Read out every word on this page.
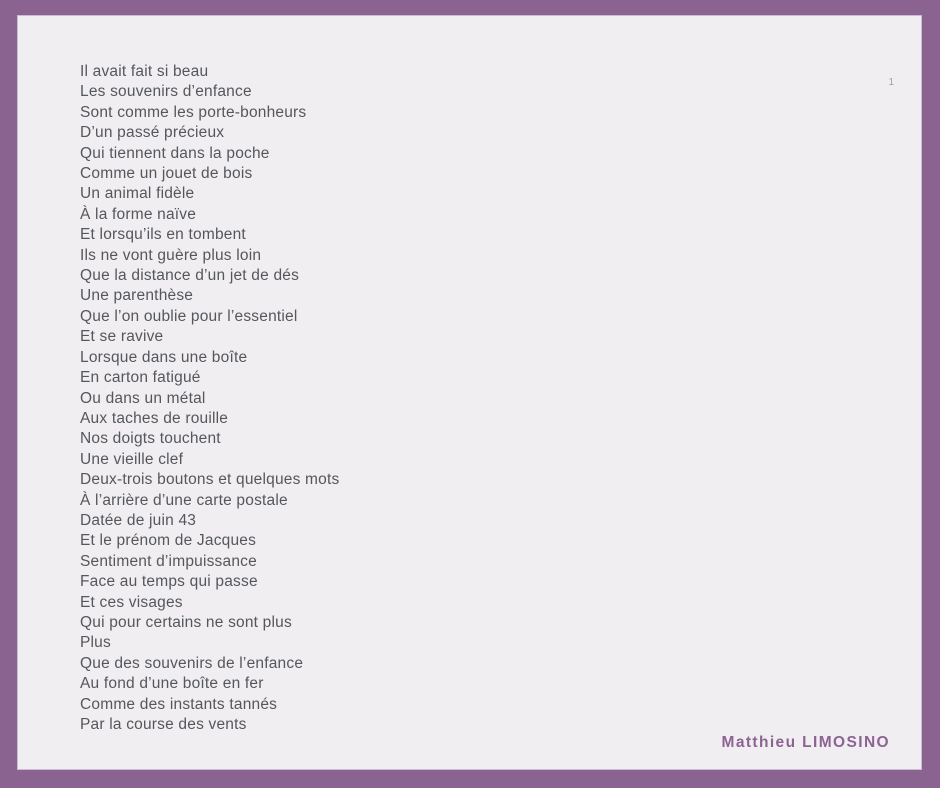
1
Il avait fait si beau
Les souvenirs d’enfance
Sont comme les porte-bonheurs
D’un passé précieux
Qui tiennent dans la poche
Comme un jouet de bois
Un animal fidèle
À la forme naïve
Et lorsqu’ils en tombent
Ils ne vont guère plus loin
Que la distance d’un jet de dés
Une parenthèse
Que l’on oublie pour l’essentiel
Et se ravive
Lorsque dans une boîte
En carton fatigué
Ou dans un métal
Aux taches de rouille
Nos doigts touchent
Une vieille clef
Deux-trois boutons et quelques mots
À l’arrière d’une carte postale
Datée de juin 43
Et le prénom de Jacques
Sentiment d’impuissance
Face au temps qui passe
Et ces visages
Qui pour certains ne sont plus
Plus
Que des souvenirs de l’enfance
Au fond d’une boîte en fer
Comme des instants tannés
Par la course des vents
Matthieu LIMOSINO
